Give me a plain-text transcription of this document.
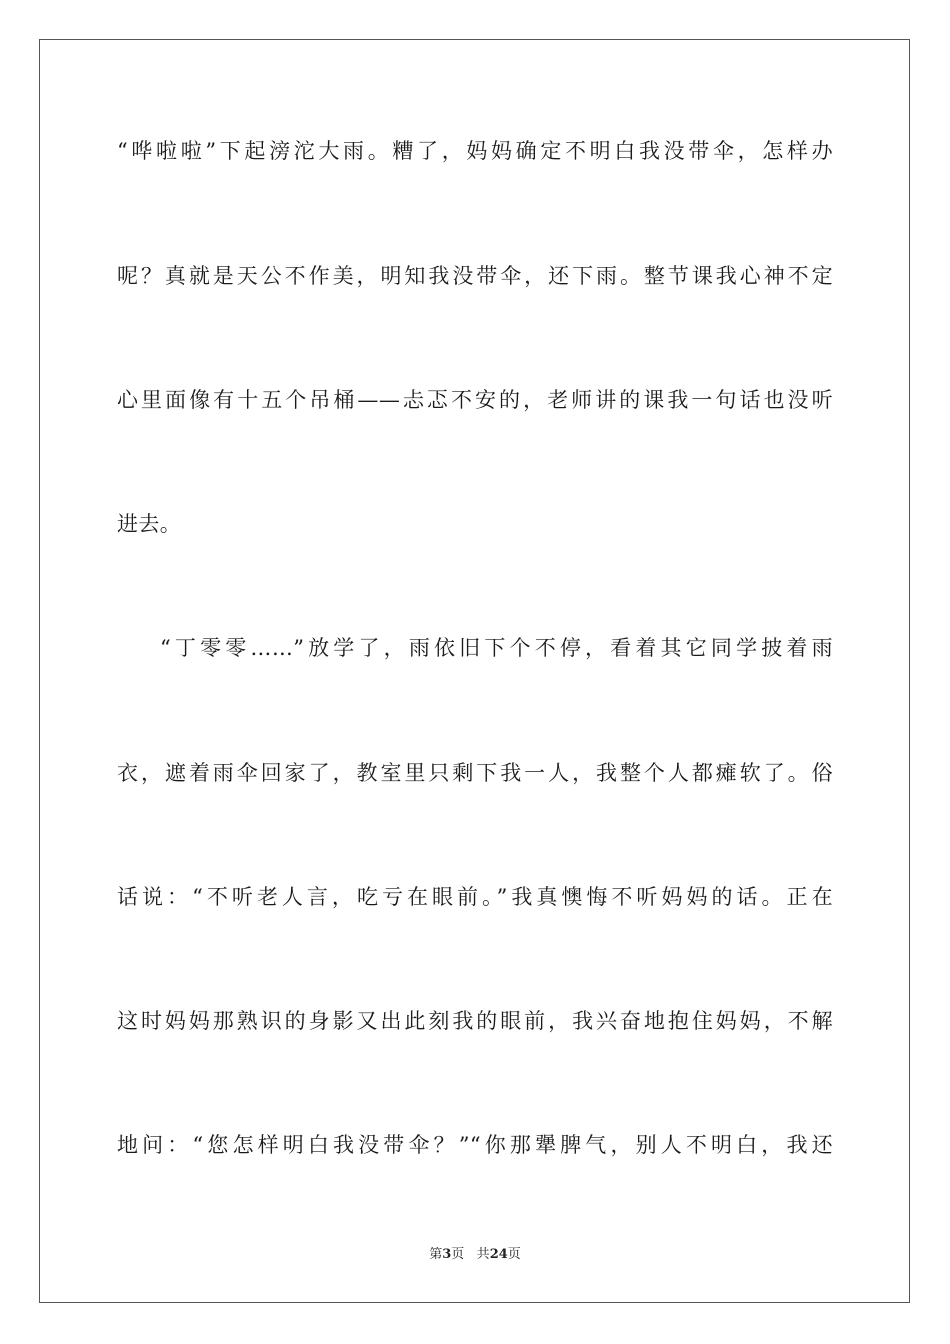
“哗啦啦”下起滂沱大雨。糟了，妈妈确定不明白我没带伞，怎样办
呢？真就是天公不作美，明知我没带伞，还下雨。整节课我心神不定
心里面像有十五个吊桶——忐忑不安的，老师讲的课我一句话也没听
进去。
“丁零零……”放学了，雨依旧下个不停，看着其它同学披着雨
衣，遮着雨伞回家了，教室里只剩下我一人，我整个人都瘫软了。俗
话说：“不听老人言，吃亏在眼前。”我真懊悔不听妈妈的话。正在
这时妈妈那熟识的身影又出此刻我的眼前，我兴奋地抱住妈妈，不解
地问：“您怎样明白我没带伞？”“你那犟脾气，别人不明白，我还
第3页 共24页
